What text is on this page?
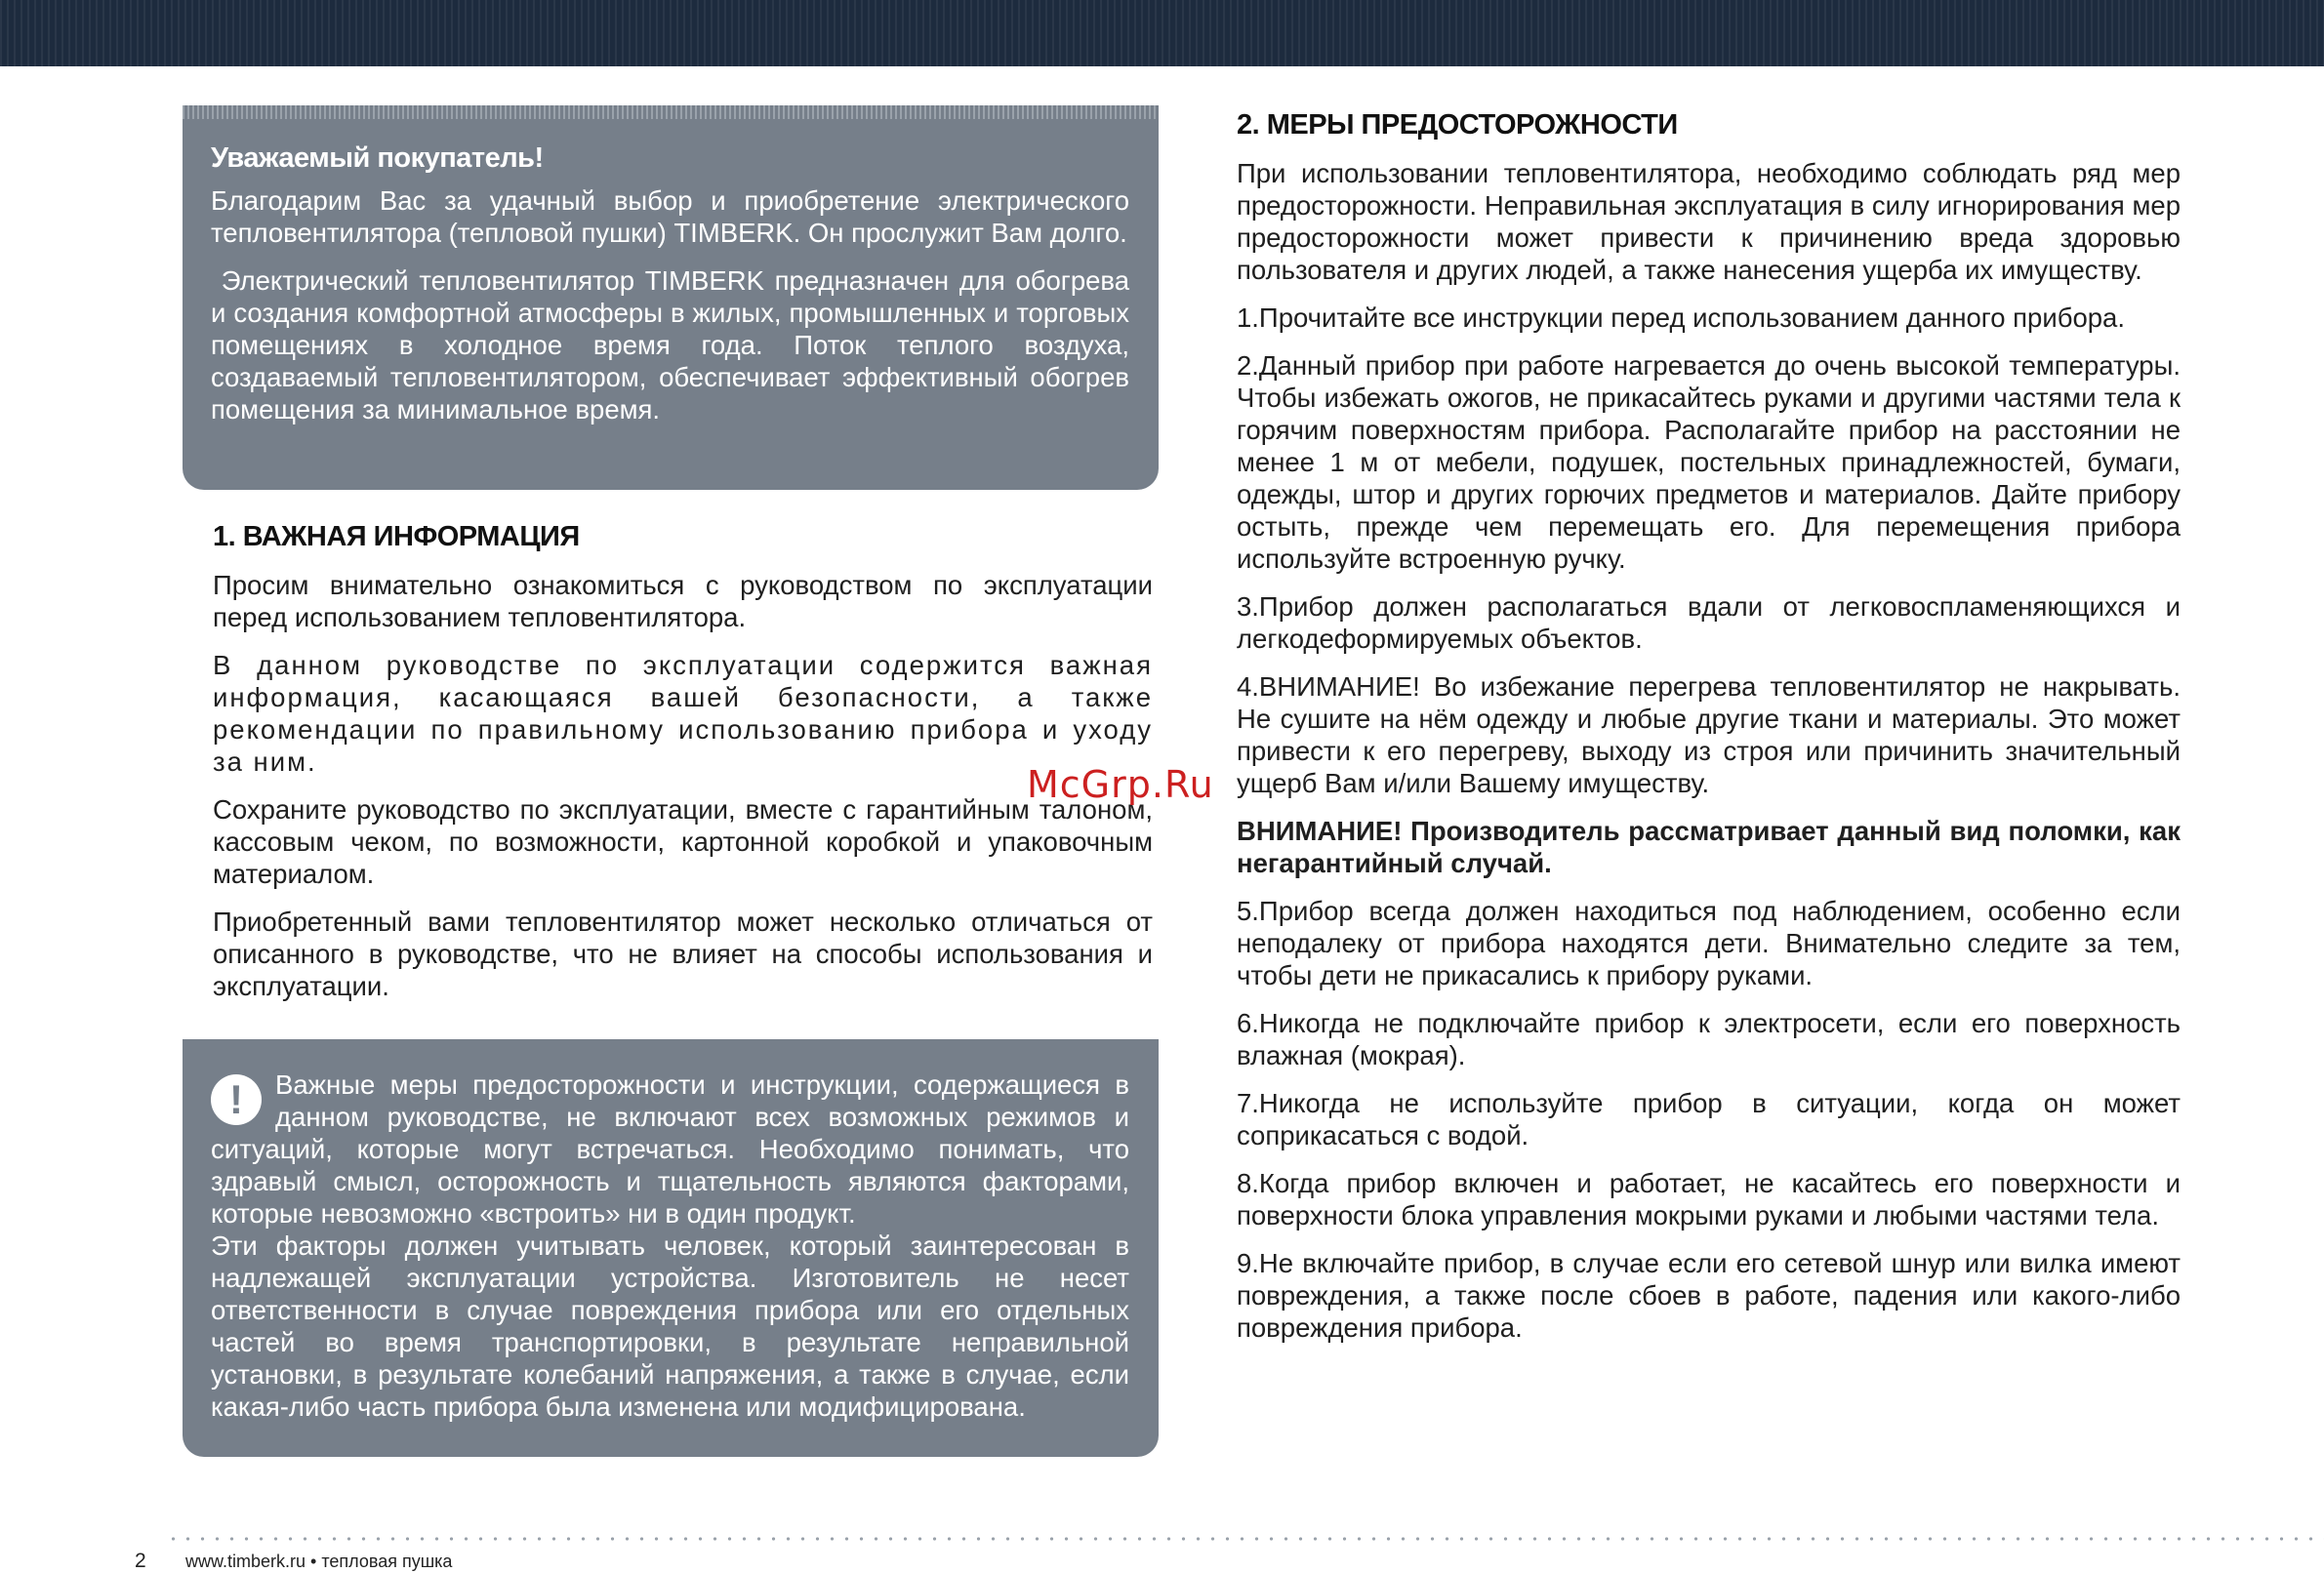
Уважаемый покупатель!

Благодарим Вас за удачный выбор и приобретение электрического тепловентилятора (тепловой пушки) TIMBERK. Он прослужит Вам долго.

Электрический тепловентилятор TIMBERK предназначен для обогрева и создания комфортной атмосферы в жилых, промышленных и торговых помещениях в холодное время года. Поток теплого воздуха, создаваемый тепловентилятором, обеспечивает эффективный обогрев помещения за минимальное время.

1. ВАЖНАЯ ИНФОРМАЦИЯ

Просим внимательно ознакомиться с руководством по эксплуатации перед использованием тепловентилятора.

В данном руководстве по эксплуатации содержится важная информация, касающаяся вашей безопасности, а также рекомендации по правильному использованию прибора и уходу за ним.

Сохраните руководство по эксплуатации, вместе с гарантийным талоном, кассовым чеком, по возможности, картонной коробкой и упаковочным материалом.

Приобретенный вами тепловентилятор может несколько отличаться от описанного в руководстве, что не влияет на способы использования и эксплуатации.

!	Важные меры предосторожности и инструкции, содержащиеся в данном руководстве, не включают всех возможных режимов и ситуаций, которые могут встречаться. Необходимо понимать, что здравый смысл, осторожность и тщательность являются факторами, которые невозможно «встроить» ни в один продукт.

Эти факторы должен учитывать человек, который заинтересован в надлежащей эксплуатации устройства. Изготовитель не несет ответственности в случае повреждения прибора или его отдельных частей во время транспортировки, в результате неправильной установки, в результате колебаний напряжения, а также в случае, если какая-либо часть прибора была изменена или модифицирована.

2. МЕРЫ ПРЕДОСТОРОЖНОСТИ

При использовании тепловентилятора, необходимо соблюдать ряд мер предосторожности. Неправильная эксплуатация в силу игнорирования мер предосторожности может привести к причинению вреда здоровью пользователя и других людей, а также нанесения ущерба их имуществу.

1.Прочитайте все инструкции перед использованием данного прибора.

2.Данный прибор при работе нагревается до очень высокой температуры. Чтобы избежать ожогов, не прикасайтесь руками и другими частями тела к горячим поверхностям прибора. Располагайте прибор на расстоянии не менее 1 м от мебели, подушек, постельных принадлежностей, бумаги, одежды, штор и других горючих предметов и материалов. Дайте прибору остыть, прежде чем перемещать его. Для перемещения прибора используйте встроенную ручку.

3.Прибор должен располагаться вдали от легковоспламеняющихся и легкодеформируемых объектов.

4.ВНИМАНИЕ! Во избежание перегрева тепловентилятор не накрывать. Не сушите на нём одежду и любые другие ткани и материалы. Это может привести к его перегреву, выходу из строя или причинить значительный ущерб Вам и/или Вашему имуществу.

ВНИМАНИЕ! Производитель рассматривает данный вид поломки, как негарантийный случай.

5.Прибор всегда должен находиться под наблюдением, особенно если неподалеку от прибора находятся дети. Внимательно следите за тем, чтобы дети не прикасались к прибору руками.

6.Никогда не подключайте прибор к электросети, если его поверхность влажная (мокрая).

7.Никогда не используйте прибор в ситуации, когда он может соприкасаться с водой.

8.Когда прибор включен и работает, не касайтесь его поверхности и поверхности блока управления мокрыми руками и любыми частями тела.

9.Не включайте прибор, в случае если его сетевой шнур или вилка имеют повреждения, а также после сбоев в работе, падения или какого-либо повреждения прибора.

McGrp.Ru
2 www.timberk.ru • тепловая пушка
